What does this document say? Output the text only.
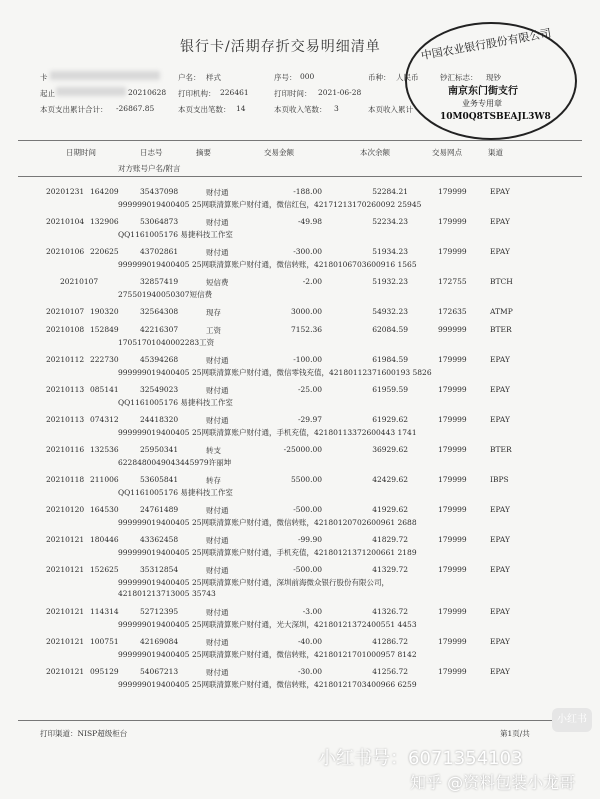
银行卡/活期存折交易明细清单
卡	户名： 样式	序号： 000	币种： 人民币	钞汇标志： 现钞
起止	20210628 打印机构： 226461	打印时间： 2021-06-28
本页支出累计合计： -26867.85	本页支出笔数： 14	本页收入笔数： 3	本页收入累计
中国农业银行股份有限公司
南京东门街支行
业务专用章
10M0Q8TSBEAJL3W8
日期时间	日志号	摘要	交易金额	本次余额	交易网点	渠道
对方账号户名/附言
20201231 164209	35437098	财付通	-188.00	52284.21	179999	EPAY
999999019400405 25网联清算账户财付通，微信红包，42171213170260092 25945
20210104 132906	53064873	财付通	-49.98	52234.23	179999	EPAY
QQ1161005176 易捷科技工作室
20210106 220625	43702861	财付通	-300.00	51934.23	179999	EPAY
999999019400405 25网联清算账户财付通，微信转账，42180106703600916 1565
20210107	32857419	短信费	-2.00	51932.23	172755	BTCH
275501940050307短信费
20210107 190320	32564308	现存	3000.00	54932.23	172635	ATMP
20210108 152849	42216307	工资	7152.36	62084.59	999999	BTER
17051701040002283工资
20210112 222730	45394268	财付通	-100.00	61984.59	179999	EPAY
999999019400405 25网联清算账户财付通，微信零钱充值，42180112371600193 5826
20210113 085141	32549023	财付通	-25.00	61959.59	179999	EPAY
QQ1161005176 易捷科技工作室
20210113 074312	24418320	财付通	-29.97	61929.62	179999	EPAY
999999019400405 25网联清算账户财付通，手机充值，42180113372600443 1741
20210116 132536	25950341	转支	-25000.00	36929.62	179999	BTER
6228480049043445979许丽坤
20210118 211006	53605841	转存	5500.00	42429.62	179999	IBPS
QQ1161005176 易捷科技工作室
20210120 164530	24761489	财付通	-500.00	41929.62	179999	EPAY
999999019400405 25网联清算账户财付通，微信转账，42180120702600961 2688
20210121 180446	43362458	财付通	-99.90	41829.72	179999	EPAY
999999019400405 25网联清算账户财付通，手机充值，42180121371200661 2189
20210121 152625	35312854	财付通	-500.00	41329.72	179999	EPAY
999999019400405 25网联清算账户财付通，深圳前海微众银行股份有限公司，
421801213713005 35743
20210121 114314	52712395	财付通	-3.00	41326.72	179999	EPAY
999999019400405 25网联清算账户财付通，光大深圳，42180121372400551 4453
20210121 100751	42169084	财付通	-40.00	41286.72	179999	EPAY
999999019400405 25网联清算账户财付通，微信转账，42180121701000957 8142
20210121 095129	54067213	财付通	-30.00	41256.72	179999	EPAY
999999019400405 25网联清算账户财付通，微信转账，42180121703400966 6259
打印渠道：NISP超级柜台	第1页/共
小红书
小红书号：6071354103
知乎 @资料包装小龙哥
